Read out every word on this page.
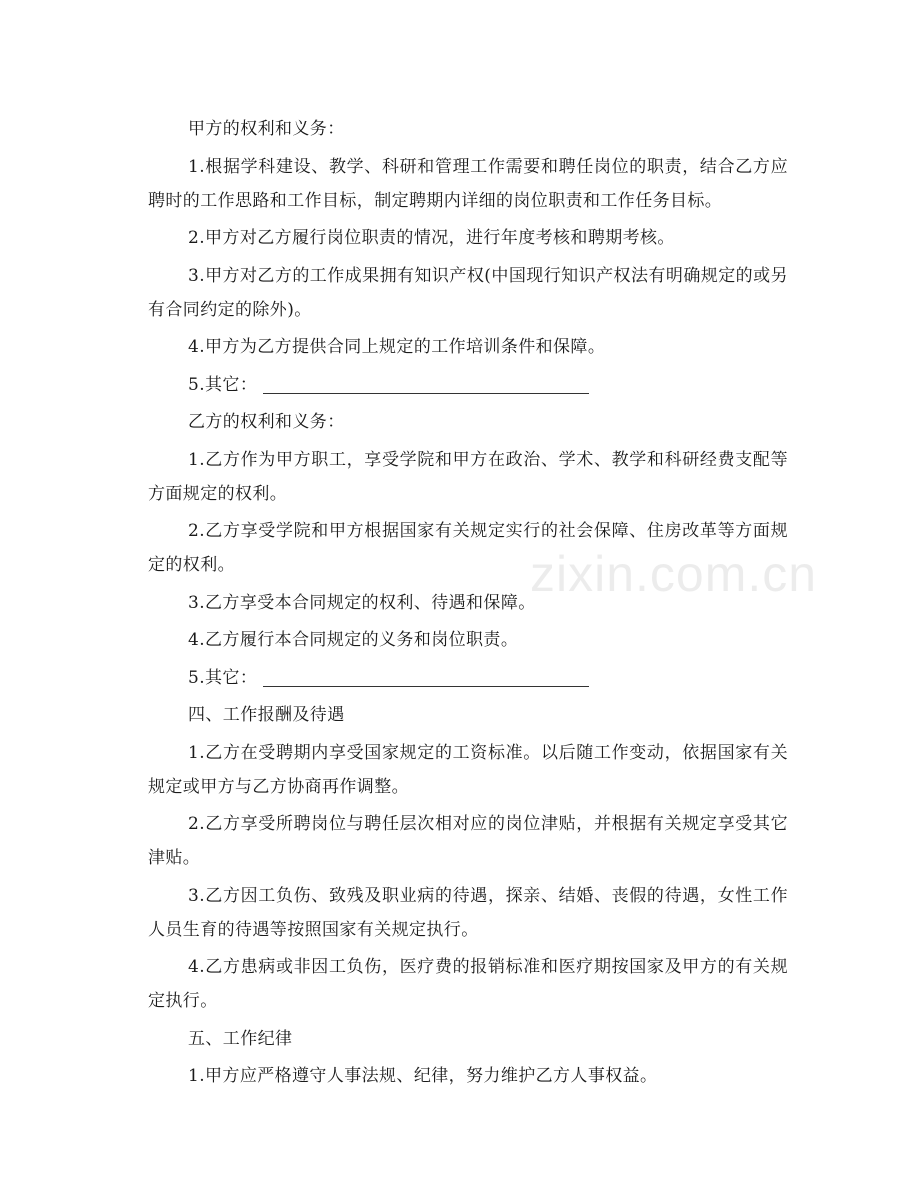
甲方的权利和义务：

1.根据学科建设、教学、科研和管理工作需要和聘任岗位的职责，结合乙方应聘时的工作思路和工作目标，制定聘期内详细的岗位职责和工作任务目标。

2.甲方对乙方履行岗位职责的情况，进行年度考核和聘期考核。

3.甲方对乙方的工作成果拥有知识产权(中国现行知识产权法有明确规定的或另有合同约定的除外)。

4.甲方为乙方提供合同上规定的工作培训条件和保障。

5.其它：

乙方的权利和义务：

1.乙方作为甲方职工，享受学院和甲方在政治、学术、教学和科研经费支配等方面规定的权利。

2.乙方享受学院和甲方根据国家有关规定实行的社会保障、住房改革等方面规定的权利。

3.乙方享受本合同规定的权利、待遇和保障。

4.乙方履行本合同规定的义务和岗位职责。

5.其它：

四、工作报酬及待遇

1.乙方在受聘期内享受国家规定的工资标准。以后随工作变动，依据国家有关规定或甲方与乙方协商再作调整。

2.乙方享受所聘岗位与聘任层次相对应的岗位津贴，并根据有关规定享受其它津贴。

3.乙方因工负伤、致残及职业病的待遇，探亲、结婚、丧假的待遇，女性工作人员生育的待遇等按照国家有关规定执行。

4.乙方患病或非因工负伤，医疗费的报销标准和医疗期按国家及甲方的有关规定执行。

五、工作纪律

1.甲方应严格遵守人事法规、纪律，努力维护乙方人事权益。

zixin.com.cn
